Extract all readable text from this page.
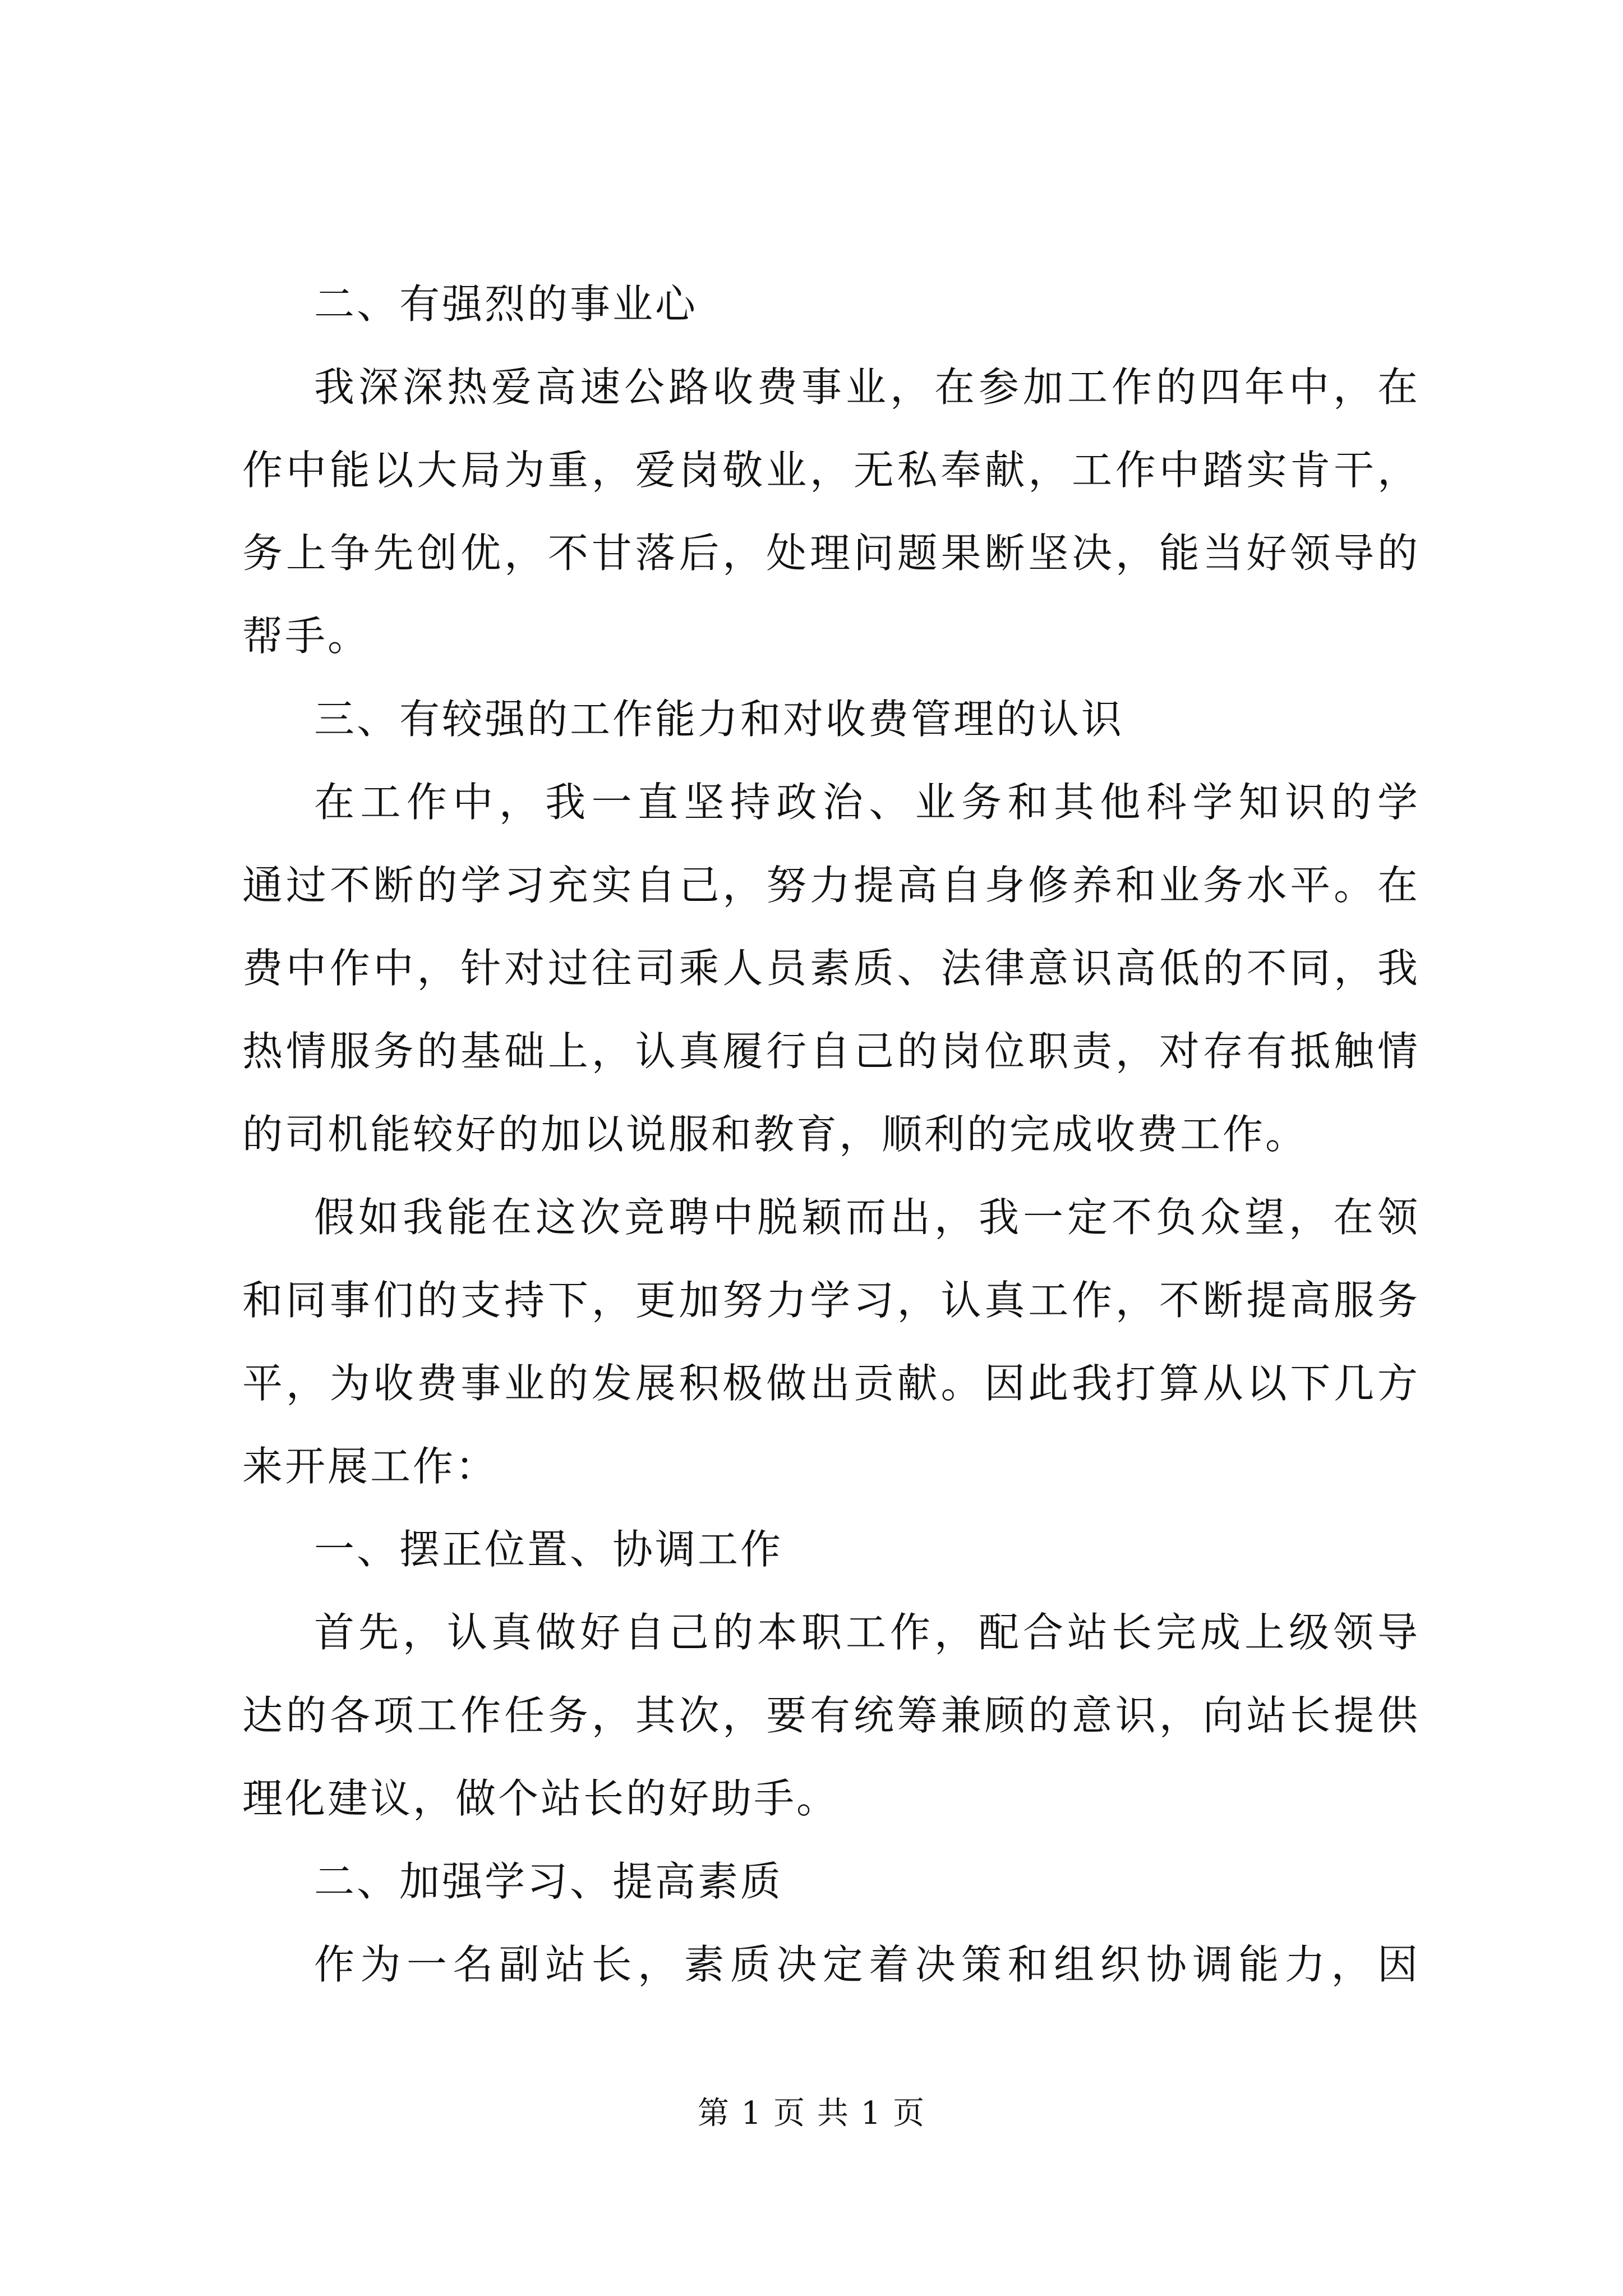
二、有强烈的事业心
我深深热爱高速公路收费事业，在参加工作的四年中，在
作中能以大局为重，爱岗敬业，无私奉献，工作中踏实肯干，
务上争先创优，不甘落后，处理问题果断坚决，能当好领导的
帮手。
三、有较强的工作能力和对收费管理的认识
在工作中，我一直坚持政治、业务和其他科学知识的学
通过不断的学习充实自己，努力提高自身修养和业务水平。在
费中作中，针对过往司乘人员素质、法律意识高低的不同，我
热情服务的基础上，认真履行自己的岗位职责，对存有抵触情
的司机能较好的加以说服和教育，顺利的完成收费工作。
假如我能在这次竞聘中脱颖而出，我一定不负众望，在领
和同事们的支持下，更加努力学习，认真工作，不断提高服务
平，为收费事业的发展积极做出贡献。因此我打算从以下几方
来开展工作：
一、摆正位置、协调工作
首先，认真做好自己的本职工作，配合站长完成上级领导
达的各项工作任务，其次，要有统筹兼顾的意识，向站长提供
理化建议，做个站长的好助手。
二、加强学习、提高素质
作为一名副站长，素质决定着决策和组织协调能力，因
第 1 页 共 1 页
